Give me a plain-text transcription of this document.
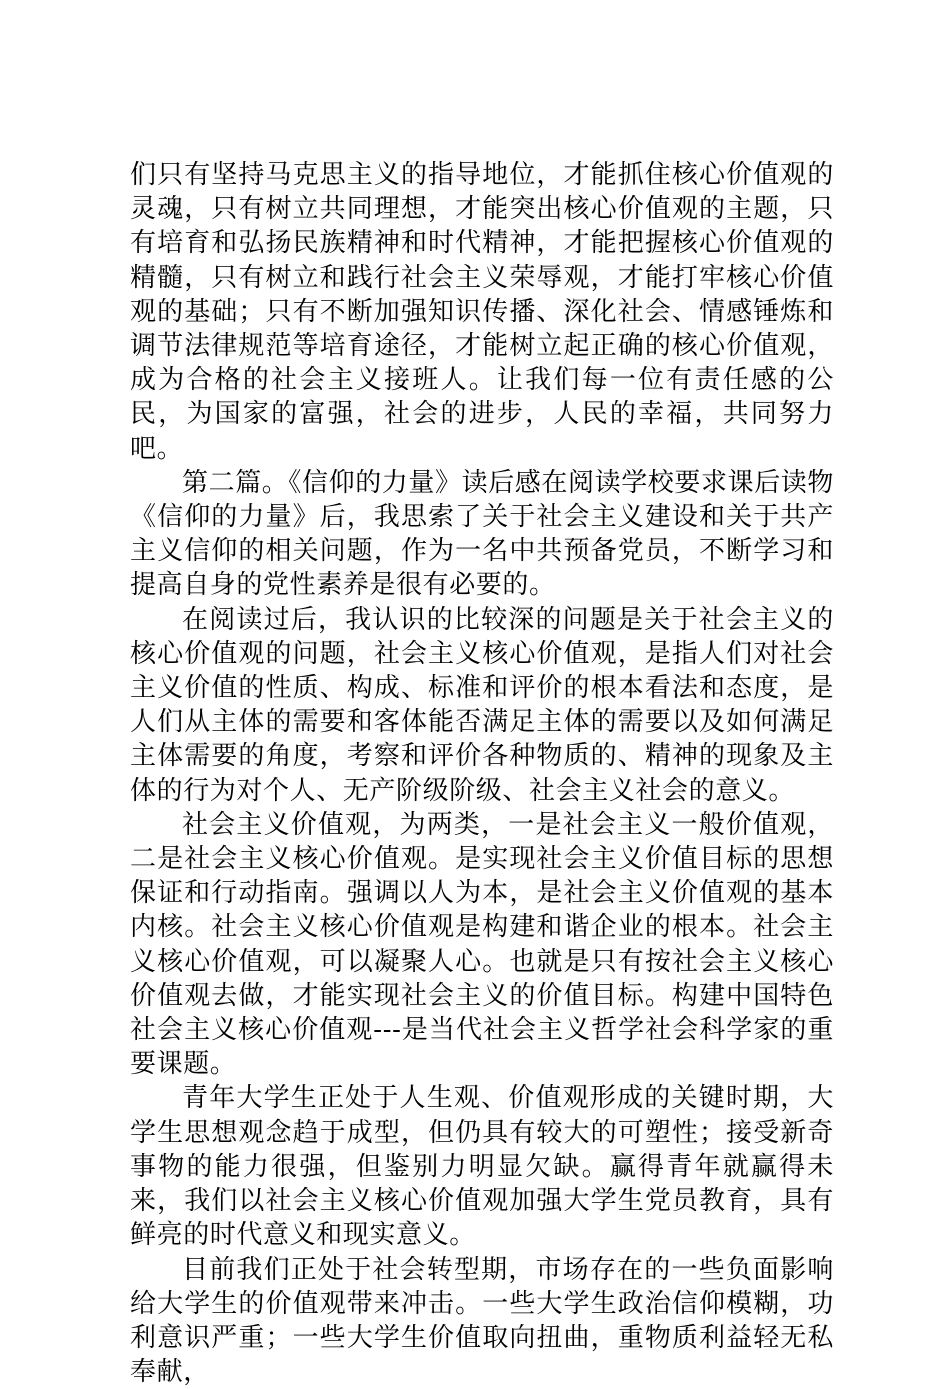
们只有坚持马克思主义的指导地位，才能抓住核心价值观的灵魂，只有树立共同理想，才能突出核心价值观的主题，只有培育和弘扬民族精神和时代精神，才能把握核心价值观的精髓，只有树立和践行社会主义荣辱观，才能打牢核心价值观的基础；只有不断加强知识传播、深化社会、情感锤炼和调节法律规范等培育途径，才能树立起正确的核心价值观，成为合格的社会主义接班人。让我们每一位有责任感的公民，为国家的富强，社会的进步，人民的幸福，共同努力吧。

第二篇。《信仰的力量》读后感在阅读学校要求课后读物《信仰的力量》后，我思索了关于社会主义建设和关于共产主义信仰的相关问题，作为一名中共预备党员，不断学习和提高自身的党性素养是很有必要的。

在阅读过后，我认识的比较深的问题是关于社会主义的核心价值观的问题，社会主义核心价值观，是指人们对社会主义价值的性质、构成、标准和评价的根本看法和态度，是人们从主体的需要和客体能否满足主体的需要以及如何满足主体需要的角度，考察和评价各种物质的、精神的现象及主体的行为对个人、无产阶级阶级、社会主义社会的意义。

社会主义价值观，为两类，一是社会主义一般价值观，二是社会主义核心价值观。是实现社会主义价值目标的思想保证和行动指南。强调以人为本，是社会主义价值观的基本内核。社会主义核心价值观是构建和谐企业的根本。社会主义核心价值观，可以凝聚人心。也就是只有按社会主义核心价值观去做，才能实现社会主义的价值目标。构建中国特色社会主义核心价值观---是当代社会主义哲学社会科学家的重要课题。

青年大学生正处于人生观、价值观形成的关键时期，大学生思想观念趋于成型，但仍具有较大的可塑性；接受新奇事物的能力很强，但鉴别力明显欠缺。赢得青年就赢得未来，我们以社会主义核心价值观加强大学生党员教育，具有鲜亮的时代意义和现实意义。

目前我们正处于社会转型期，市场存在的一些负面影响给大学生的价值观带来冲击。一些大学生政治信仰模糊，功利意识严重；一些大学生价值取向扭曲，重物质利益轻无私奉献，
